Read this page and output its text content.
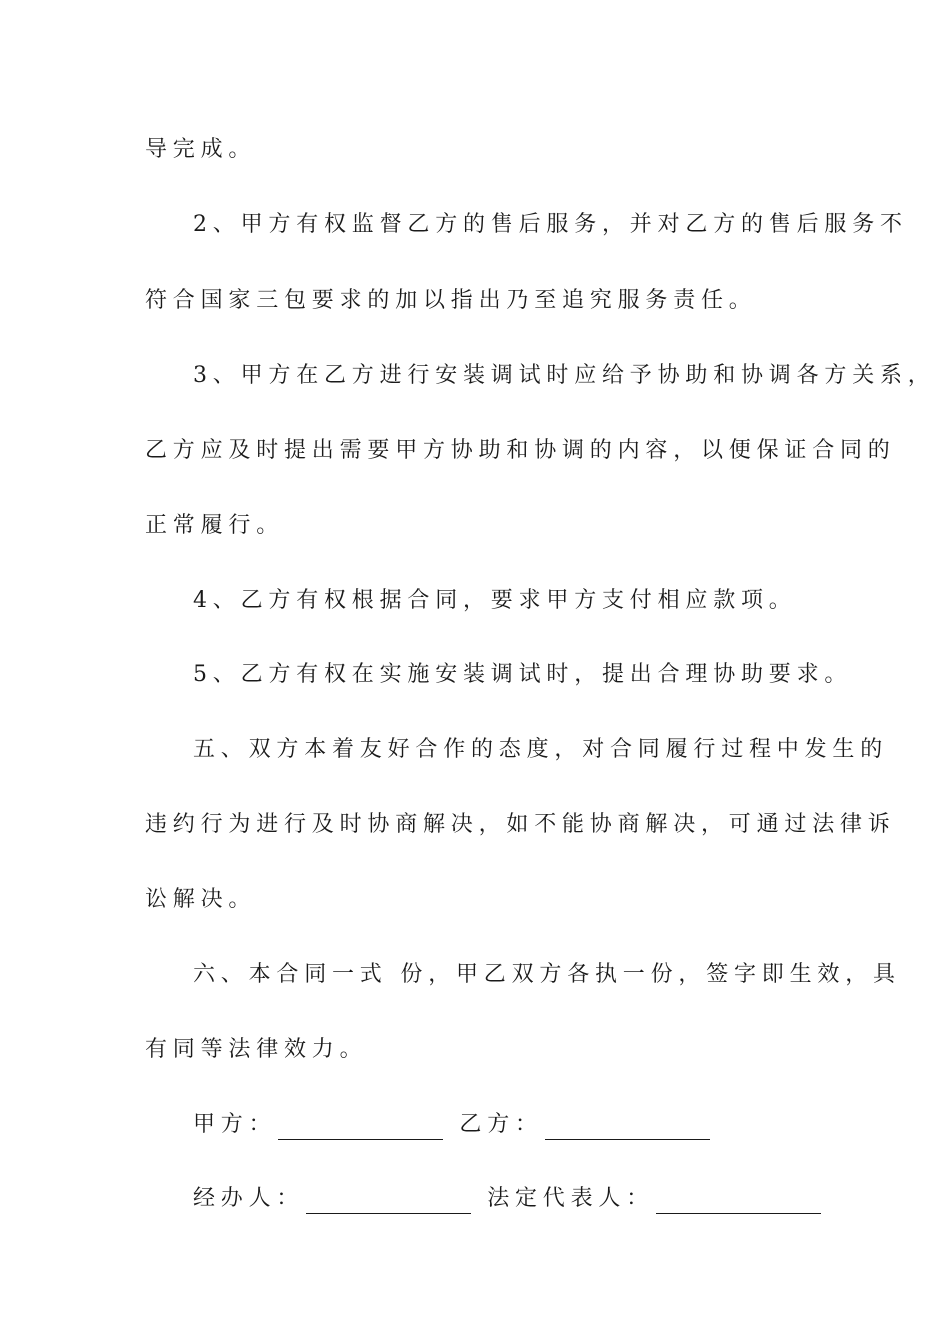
导完成。
2、甲方有权监督乙方的售后服务，并对乙方的售后服务不
符合国家三包要求的加以指出乃至追究服务责任。
3、甲方在乙方进行安装调试时应给予协助和协调各方关系，
乙方应及时提出需要甲方协助和协调的内容，以便保证合同的
正常履行。
4、乙方有权根据合同，要求甲方支付相应款项。
5、乙方有权在实施安装调试时，提出合理协助要求。
五、双方本着友好合作的态度，对合同履行过程中发生的
违约行为进行及时协商解决，如不能协商解决，可通过法律诉
讼解决。
六、本合同一式 份，甲乙双方各执一份，签字即生效，具
有同等法律效力。
甲方：	乙方：
经办人：	法定代表人：
